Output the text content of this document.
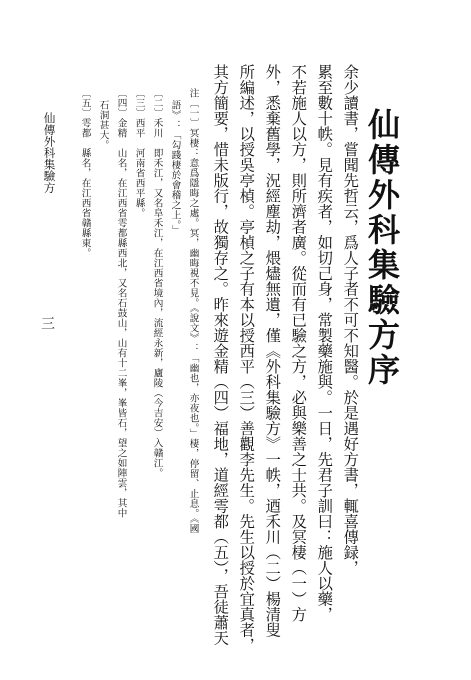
仙傳外科集驗方序
余少讀書，嘗聞先哲云，爲人子者不可不知醫。於是遇好方書，輒喜傳録，
累至數十帙。見有疾者，如切己身，常製藥施與。一日，先君子訓曰：施人以藥，
不若施人以方，則所濟者廣。從而有已驗之方，必與樂善之士共。及冥棲（一）方
外，悉棄舊學，況經塵劫，煨燼無遺，僅《外科集驗方》一帙，迺禾川（二）楊清叟
所編述，以授吳亭楨。亭楨之子有本以授西平（三）善觀李先生。先生以授於宜真者，
其方簡要，惜未版行，故獨存之。昨來遊金精（四）福地，道經雩都（五），吾徒蕭天
注〔一〕冥棲：意爲隱晦之處。冥，幽晦視不見。《說文》：「幽也，亦夜也。」棲，停留、止息。《國
語》：「勾踐棲於會稽之上。」
〔二〕禾川　即禾江，又名阜禾江，在江西省境內，流經永新，廬陵（今吉安）入贛江。
〔三〕西平　河南省西平縣。
〔四〕金精　山名，在江西省雩都縣西北，又名石鼓山，山有十二峯，峯皆石，望之如陣雲，其中
石洞甚大。
〔五〕雩都　縣名，在江西省贛縣東。
仙傳外科集驗方
三
